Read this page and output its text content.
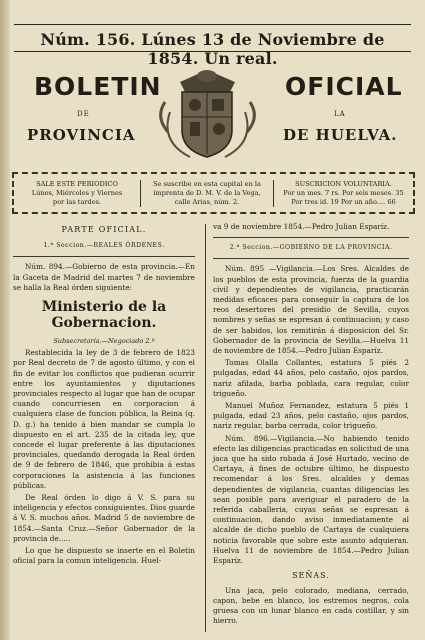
Núm. 156. Lúnes 13 de Noviembre de 1854. Un real.
BOLETIN	OFICIAL
DE	LA
PROVINCIA	DE HUELVA.
SALE ESTE PERIODICO
Lúnes, Miércoles y Viernes
por las tardes.
Se suscribe en esta capital en la
imprenta de D. M. V. de la Vega,
calle Arias, núm. 2.
SUSCRICION VOLUNTARIA.
Por un mes. 7 rs. Por seis meses. 35
Por tres id. 19 Por un año.... 66
PARTE OFICIAL.
1.ª Seccion.—REALES ÓRDENES.

Núm. 894.—Gobierno de esta provincia.—En la Gaceta de Madrid del martes 7 de noviembre se halla la Real órden siguiente:

Ministerio de la Gobernacion.

Subsecretaría.—Negociado 2.º

Restablecida la ley de 3 de febrero de 1823 por Real decreto de 7 de agosto último, y con el fin de evitar los conflictos que pudieran ocurrir entre los ayuntamientos y diputaciones provinciales respecto al lugar que han de ocupar cuando concurriesen en corporacion á cualquiera clase de funcion pública, la Reina (q. D. g.) ha tenido á bien mandar se cumpla lo dispuesto en el art. 235 de la citada ley, que concede el lugar preferente á las diputaciones provinciales, quedando derogada la Real órden de 9 de febrero de 1846, que prohibia á estas corporaciones la asistencia á las funciones públicas.

De Real órden lo digo á V. S. para su inteligencia y efectos consiguientes. Dios guarde á V. S. muchos años. Madrid 5 de noviembre de 1854.—Santa Cruz.—Señor Gobernador de la provincia de.....

Lo que he dispuesto se inserte en el Boletin oficial para la comun inteligencia. Huel-

va 9 de noviembre 1854.—Pedro Julian Esparíz.

2.ª Seccion.—GOBIERNO DE LA PROVINCIA.

Núm. 895 —Vigilancia.—Los Sres. Alcaldes de los pueblos de esta provincia, fuerza de la guardia civil y dependientes de vigilancia, practicarán medidas eficaces para conseguir la captura de los reos desertores del presidio de Sevilla, cuyos nombres y señas se espresan á continuacion; y caso de ser habidos, los remitirán á disposicion del Sr. Gobernador de la provincia de Sevilla.—Huelva 11 de noviembre de 1854.—Pedro Julian Esparíz.

Tomas Olalla Collantes, estatura 5 piés 2 pulgadas, edad 44 años, pelo castaño, ojos pardos, nariz afilada, barba poblada, cara regular, color trigueño.

Manuel Muñoz Fernandez, estatura 5 piés 1 pulgada, edad 23 años, pelo castaño, ojos pardos, nariz regular, barba cerrada, color trigueño.

Núm. 896.—Vigilancia.—No habiendo tenido efecto las diligencias practicadas en solicitud de una jaca que ha sido robada á José Hurtado, vecino de Cartaya, á fines de octubre último, he dispuesto recomendar á los Sres. alcaldes y demas dependientes de vigilancia, cuantas diligencias les sean posible para averiguar el paradero de la referida caballeria, cuyas señas se espresan á continuacion, dando aviso inmediatamente al alcalde de dicho pueblo de Cartaya de cualquiera noticia favorable que sobre este asunto adquieran. Huelva 11 de noviembre de 1854.—Pedro Julian Esparíz.

SEÑAS.

Una jaca, pelo colorado, mediana, cerrado, capon, bebe en blanco, los estremos negros, cola gruesa con un lunar blanco en cada costillar, y sin hierro.
